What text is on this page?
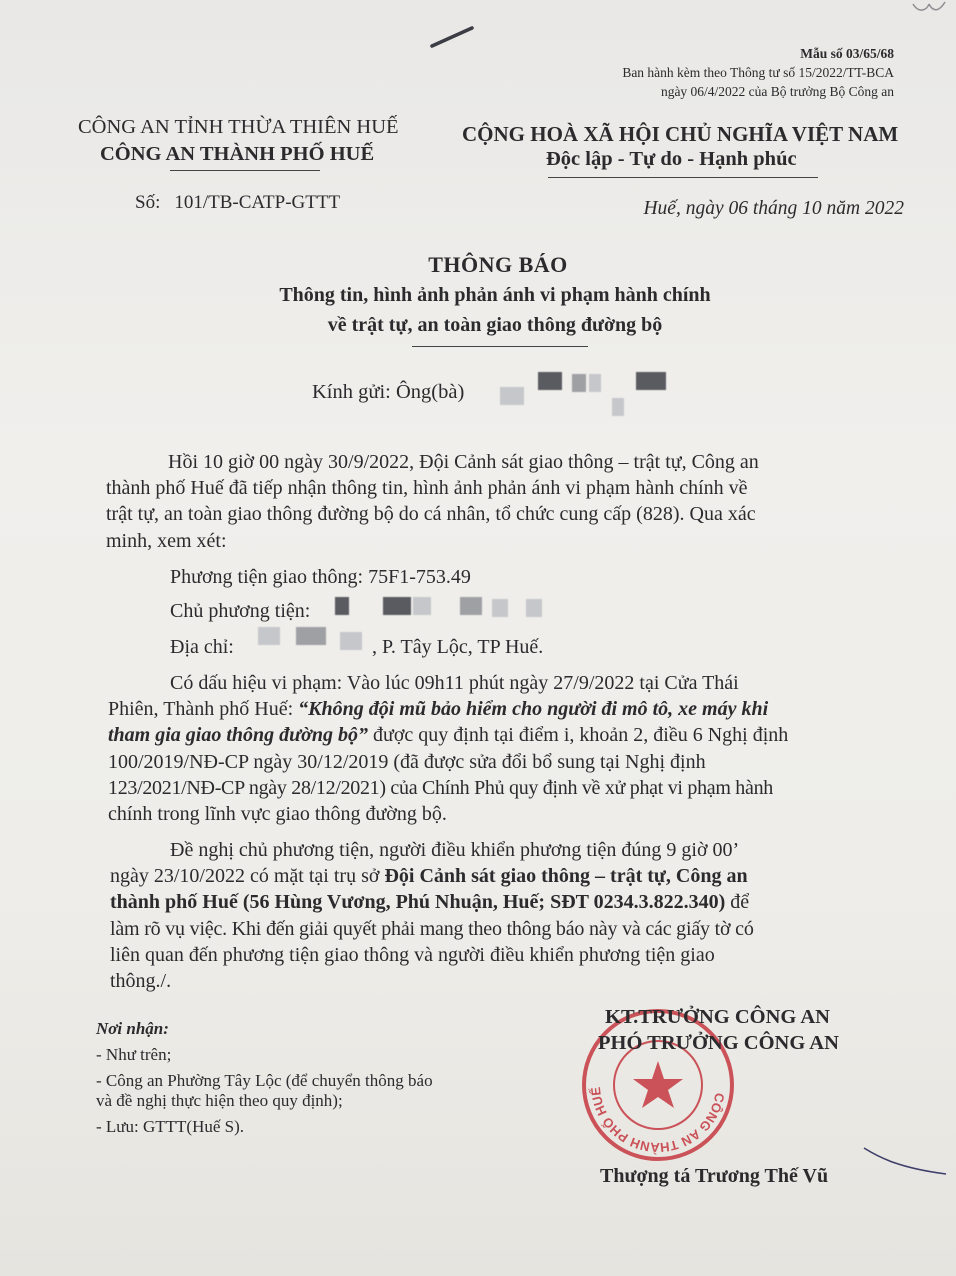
Mẫu số 03/65/68
Ban hành kèm theo Thông tư số 15/2022/TT-BCA
ngày 06/4/2022 của Bộ trưởng Bộ Công an
CÔNG AN TỈNH THỪA THIÊN HUẾ
CÔNG AN THÀNH PHỐ HUẾ
CỘNG HOÀ XÃ HỘI CHỦ NGHĨA VIỆT NAM
Độc lập - Tự do - Hạnh phúc
Số: 101/TB-CATP-GTTT	Huế, ngày 06 tháng 10 năm 2022
THÔNG BÁO
Thông tin, hình ảnh phản ánh vi phạm hành chính
về trật tự, an toàn giao thông đường bộ
Kính gửi: Ông(bà)
Hồi 10 giờ 00 ngày 30/9/2022, Đội Cảnh sát giao thông – trật tự, Công an
thành phố Huế đã tiếp nhận thông tin, hình ảnh phản ánh vi phạm hành chính về
trật tự, an toàn giao thông đường bộ do cá nhân, tổ chức cung cấp (828). Qua xác
minh, xem xét:
Phương tiện giao thông: 75F1-753.49
Chủ phương tiện:
Địa chỉ:	, P. Tây Lộc, TP Huế.
Có dấu hiệu vi phạm: Vào lúc 09h11 phút ngày 27/9/2022 tại Cửa Thái
Phiên, Thành phố Huế: “Không đội mũ bảo hiểm cho người đi mô tô, xe máy khi
tham gia giao thông đường bộ” được quy định tại điểm i, khoản 2, điều 6 Nghị định
100/2019/NĐ-CP ngày 30/12/2019 (đã được sửa đổi bổ sung tại Nghị định
123/2021/NĐ-CP ngày 28/12/2021) của Chính Phủ quy định về xử phạt vi phạm hành
chính trong lĩnh vực giao thông đường bộ.
Đề nghị chủ phương tiện, người điều khiển phương tiện đúng 9 giờ 00’
ngày 23/10/2022 có mặt tại trụ sở Đội Cảnh sát giao thông – trật tự, Công an
thành phố Huế (56 Hùng Vương, Phú Nhuận, Huế; SĐT 0234.3.822.340) để
làm rõ vụ việc. Khi đến giải quyết phải mang theo thông báo này và các giấy tờ có
liên quan đến phương tiện giao thông và người điều khiển phương tiện giao
thông./.
Nơi nhận:
- Như trên;
- Công an Phường Tây Lộc (để chuyển thông báo
và đề nghị thực hiện theo quy định);
- Lưu: GTTT(Huế S).
CÔNG AN THÀNH PHỐ HUẾ
KT.TRƯỞNG CÔNG AN
PHÓ TRƯỞNG CÔNG AN
Thượng tá Trương Thế Vũ
